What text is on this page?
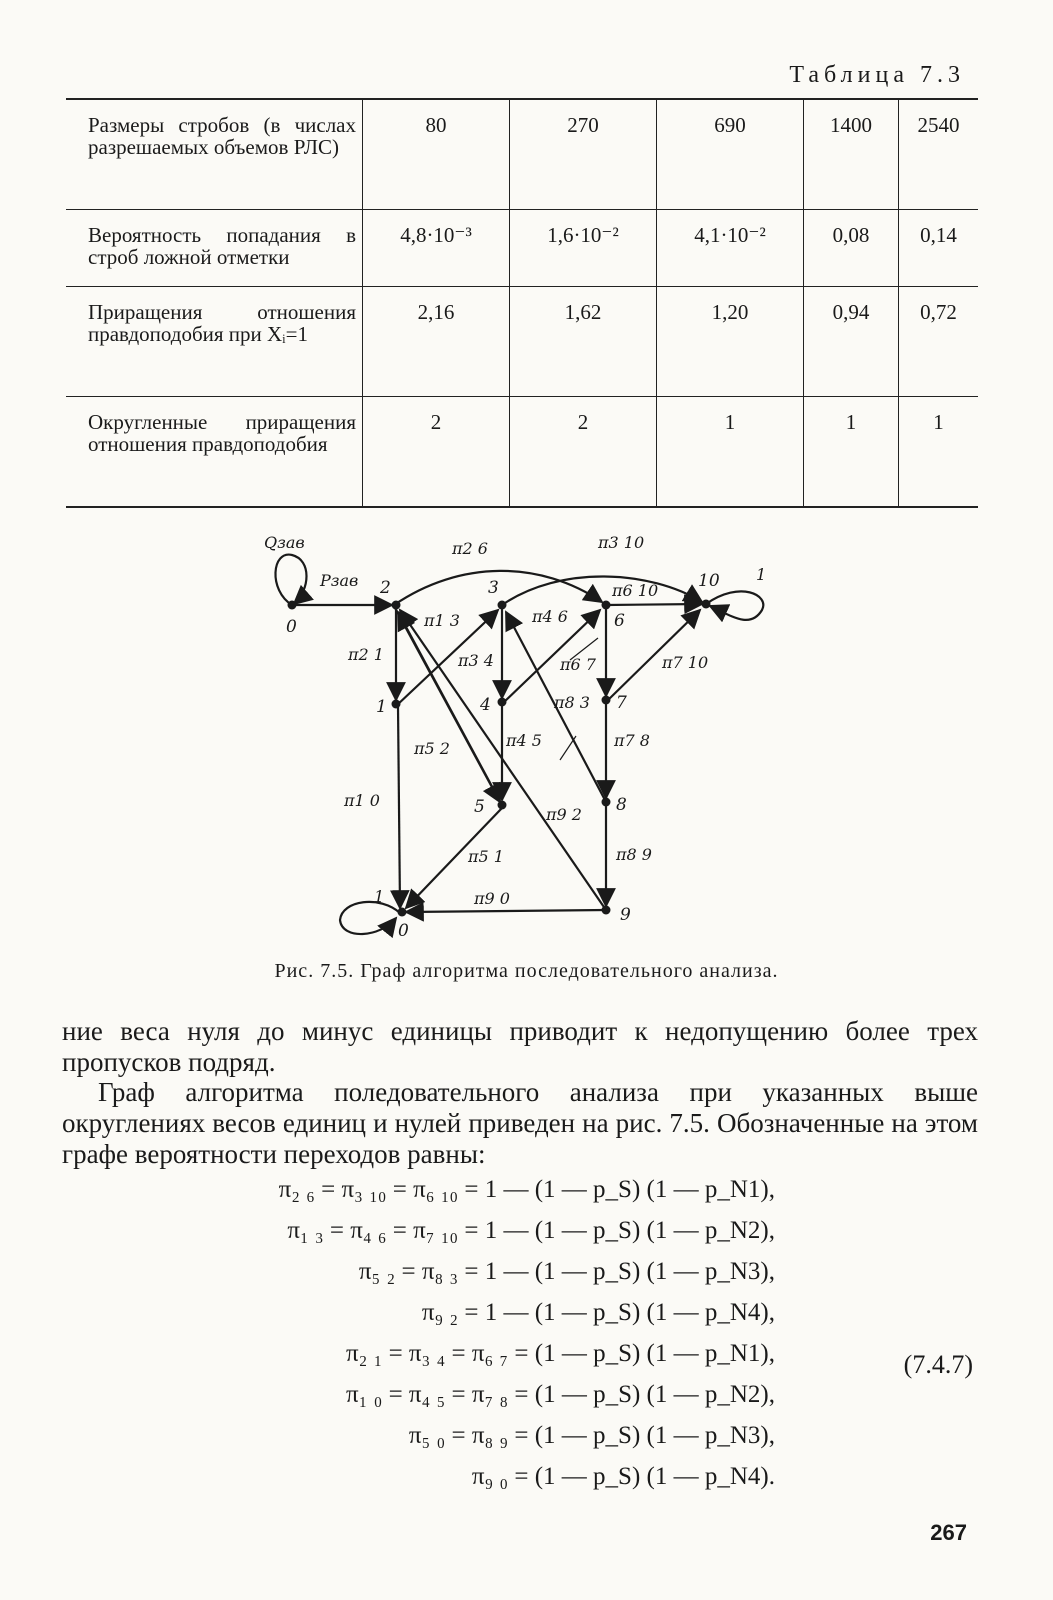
Таблица 7.3
Размеры стробов (в числах разрешаемых объемов РЛС)	80	270	690	1400	2540
Вероятность попадания в строб ложной отметки	4,8·10⁻³	1,6·10⁻²	4,1·10⁻²	0,08	0,14
Приращения отношения правдоподобия при Xᵢ=1	2,16	1,62	1,20	0,94	0,72
Округленные приращения отношения правдоподобия	2	2	1	1	1
0
2	3
6
10
1	4	7
5	8
9
0
Qзав
Pзав
π2 6	π3 10
π6 10
1
π1 3	π4 6
π2 1	π3 4	π6 7	π7 10
π8 3
π5 2	π4 5	π7 8
π1 0
π9 2
π5 1	π8 9
π9 0
1
Рис. 7.5. Граф алгоритма последовательного анализа.

ние веса нуля до минус единицы приводит к недопущению более трех пропусков подряд.

Граф алгоритма поледовательного анализа при указанных выше округлениях весов единиц и нулей приведен на рис. 7.5. Обозначенные на этом графе вероятности переходов равны:

π₂ ₆ = π₃ ₁₀ = π₆ ₁₀ = 1 — (1 — p_S) (1 — p_N1),
π₁ ₃ = π₄ ₆ = π₇ ₁₀ = 1 — (1 — p_S) (1 — p_N2),
π₅ ₂ = π₈ ₃ = 1 — (1 — p_S) (1 — p_N3),
π₉ ₂ = 1 — (1 — p_S) (1 — p_N4),
π₂ ₁ = π₃ ₄ = π₆ ₇ = (1 — p_S) (1 — p_N1),
π₁ ₀ = π₄ ₅ = π₇ ₈ = (1 — p_S) (1 — p_N2),
π₅ ₀ = π₈ ₉ = (1 — p_S) (1 — p_N3),
π₉ ₀ = (1 — p_S) (1 — p_N4).
(7.4.7)
267
